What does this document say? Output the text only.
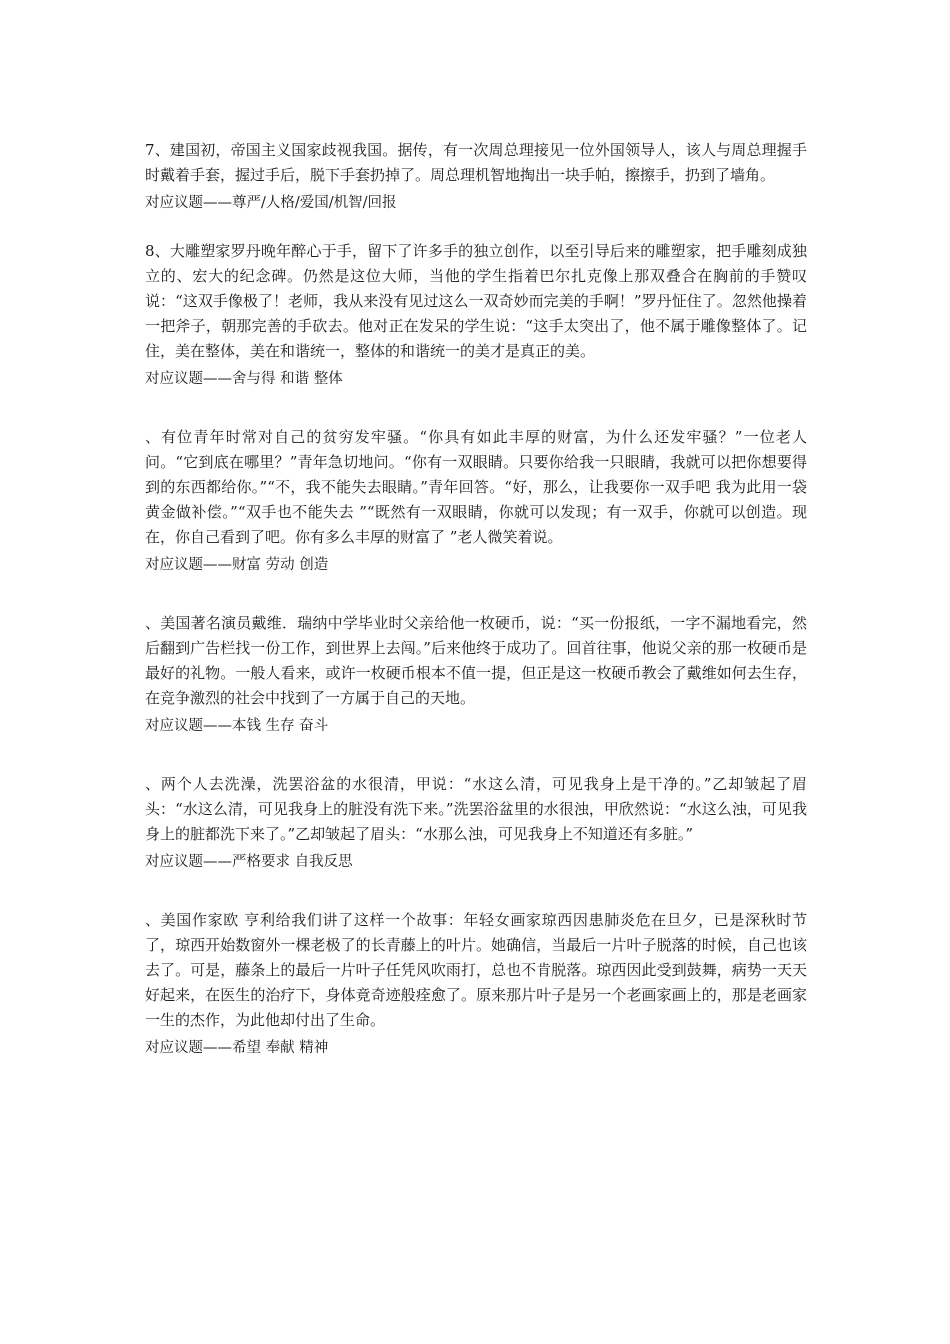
7、建国初，帝国主义国家歧视我国。据传，有一次周总理接见一位外国领导人，该人与周总理握手时戴着手套，握过手后，脱下手套扔掉了。周总理机智地掏出一块手帕，擦擦手，扔到了墙角。

对应议题——尊严/人格/爱国/机智/回报

8、大雕塑家罗丹晚年醉心于手，留下了许多手的独立创作，以至引导后来的雕塑家，把手雕刻成独立的、宏大的纪念碑。仍然是这位大师，当他的学生指着巴尔扎克像上那双叠合在胸前的手赞叹说：“这双手像极了！老师，我从来没有见过这么一双奇妙而完美的手啊！”罗丹怔住了。忽然他操着一把斧子，朝那完善的手砍去。他对正在发呆的学生说：“这手太突出了，他不属于雕像整体了。记住，美在整体，美在和谐统一，整体的和谐统一的美才是真正的美。

对应议题——舍与得 和谐 整体

、有位青年时常对自己的贫穷发牢骚。“你具有如此丰厚的财富，为什么还发牢骚？”一位老人问。“它到底在哪里？”青年急切地问。“你有一双眼睛。只要你给我一只眼睛，我就可以把你想要得到的东西都给你。”“不，我不能失去眼睛。”青年回答。“好，那么，让我要你一双手吧 我为此用一袋黄金做补偿。”“双手也不能失去 ”“既然有一双眼睛，你就可以发现；有一双手，你就可以创造。现在，你自己看到了吧。你有多么丰厚的财富了 ”老人微笑着说。

对应议题——财富 劳动 创造

、美国著名演员戴维．瑞纳中学毕业时父亲给他一枚硬币，说：“买一份报纸，一字不漏地看完，然后翻到广告栏找一份工作，到世界上去闯。”后来他终于成功了。回首往事，他说父亲的那一枚硬币是最好的礼物。一般人看来，或许一枚硬币根本不值一提，但正是这一枚硬币教会了戴维如何去生存，在竞争激烈的社会中找到了一方属于自己的天地。

对应议题——本钱 生存 奋斗

、两个人去洗澡，洗罢浴盆的水很清，甲说：“水这么清，可见我身上是干净的。”乙却皱起了眉头：“水这么清，可见我身上的脏没有洗下来。”洗罢浴盆里的水很浊，甲欣然说：“水这么浊，可见我身上的脏都洗下来了。”乙却皱起了眉头：“水那么浊，可见我身上不知道还有多脏。”

对应议题——严格要求 自我反思

、美国作家欧 亨利给我们讲了这样一个故事：年轻女画家琼西因患肺炎危在旦夕，已是深秋时节了，琼西开始数窗外一棵老极了的长青藤上的叶片。她确信，当最后一片叶子脱落的时候，自己也该去了。可是，藤条上的最后一片叶子任凭风吹雨打，总也不肯脱落。琼西因此受到鼓舞，病势一天天好起来，在医生的治疗下，身体竟奇迹般痊愈了。原来那片叶子是另一个老画家画上的，那是老画家一生的杰作，为此他却付出了生命。

对应议题——希望 奉献 精神
